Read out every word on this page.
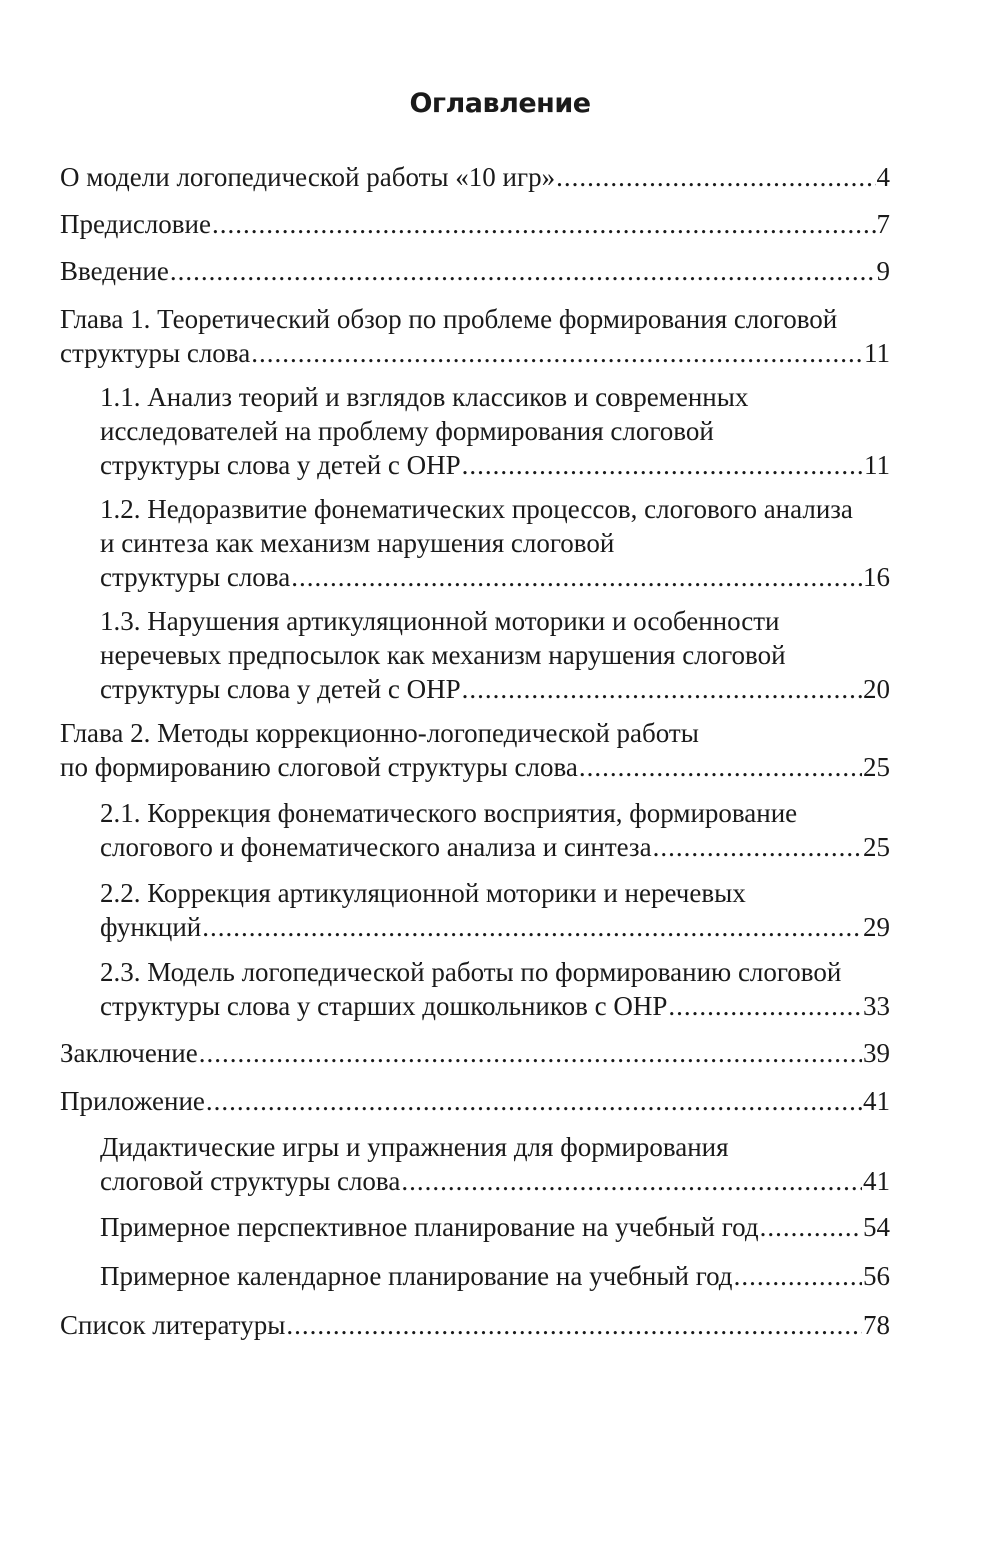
Оглавление
О модели логопедической работы «10 игр» .....	4
Предисловие .....	7
Введение .....	9
Глава 1. Теоретический обзор по проблеме формирования слоговой
структуры слова .....	11
1.1. Анализ теорий и взглядов классиков и современных
исследователей на проблему формирования слоговой
структуры слова у детей с ОНР .....	11
1.2. Недоразвитие фонематических процессов, слогового анализа
и синтеза как механизм нарушения слоговой
структуры слова .....	16
1.3. Нарушения артикуляционной моторики и особенности
неречевых предпосылок как механизм нарушения слоговой
структуры слова у детей с ОНР .....	20
Глава 2. Методы коррекционно-логопедической работы
по формированию слоговой структуры слова .....	25
2.1. Коррекция фонематического восприятия, формирование
слогового и фонематического анализа и синтеза .....	25
2.2. Коррекция артикуляционной моторики и неречевых
функций .....	29
2.3. Модель логопедической работы по формированию слоговой
структуры слова у старших дошкольников с ОНР .....	33
Заключение .....	39
Приложение .....	41
Дидактические игры и упражнения для формирования
слоговой структуры слова .....	41
Примерное перспективное планирование на учебный год .....	54
Примерное календарное планирование на учебный год .....	56
Список литературы .....	78
